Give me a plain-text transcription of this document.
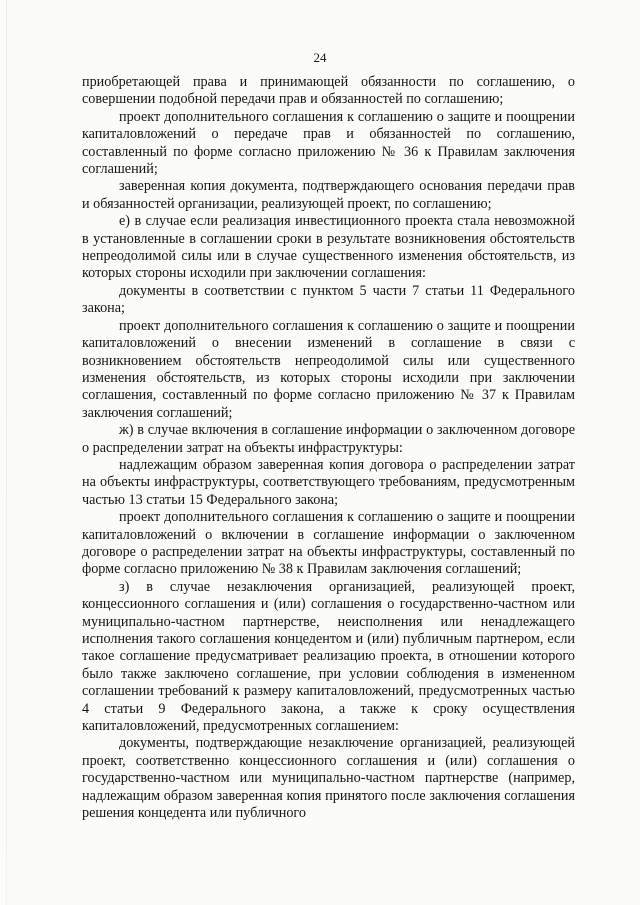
24

приобретающей права и принимающей обязанности по соглашению, о совершении подобной передачи прав и обязанностей по соглашению;

проект дополнительного соглашения к соглашению о защите и поощрении капиталовложений о передаче прав и обязанностей по соглашению, составленный по форме согласно приложению № 36 к Правилам заключения соглашений;

заверенная копия документа, подтверждающего основания передачи прав и обязанностей организации, реализующей проект, по соглашению;

е) в случае если реализация инвестиционного проекта стала невозможной в установленные в соглашении сроки в результате возникновения обстоятельств непреодолимой силы или в случае существенного изменения обстоятельств, из которых стороны исходили при заключении соглашения:

документы в соответствии с пунктом 5 части 7 статьи 11 Федерального закона;

проект дополнительного соглашения к соглашению о защите и поощрении капиталовложений о внесении изменений в соглашение в связи с возникновением обстоятельств непреодолимой силы или существенного изменения обстоятельств, из которых стороны исходили при заключении соглашения, составленный по форме согласно приложению № 37 к Правилам заключения соглашений;

ж) в случае включения в соглашение информации о заключенном договоре о распределении затрат на объекты инфраструктуры:

надлежащим образом заверенная копия договора о распределении затрат на объекты инфраструктуры, соответствующего требованиям, предусмотренным частью 13 статьи 15 Федерального закона;

проект дополнительного соглашения к соглашению о защите и поощрении капиталовложений о включении в соглашение информации о заключенном договоре о распределении затрат на объекты инфраструктуры, составленный по форме согласно приложению № 38 к Правилам заключения соглашений;

з) в случае незаключения организацией, реализующей проект, концессионного соглашения и (или) соглашения о государственно-частном или муниципально-частном партнерстве, неисполнения или ненадлежащего исполнения такого соглашения концедентом и (или) публичным партнером, если такое соглашение предусматривает реализацию проекта, в отношении которого было также заключено соглашение, при условии соблюдения в измененном соглашении требований к размеру капиталовложений, предусмотренных частью 4 статьи 9 Федерального закона, а также к сроку осуществления капиталовложений, предусмотренных соглашением:

документы, подтверждающие незаключение организацией, реализующей проект, соответственно концессионного соглашения и (или) соглашения о государственно-частном или муниципально-частном партнерстве (например, надлежащим образом заверенная копия принятого после заключения соглашения решения концедента или публичного
